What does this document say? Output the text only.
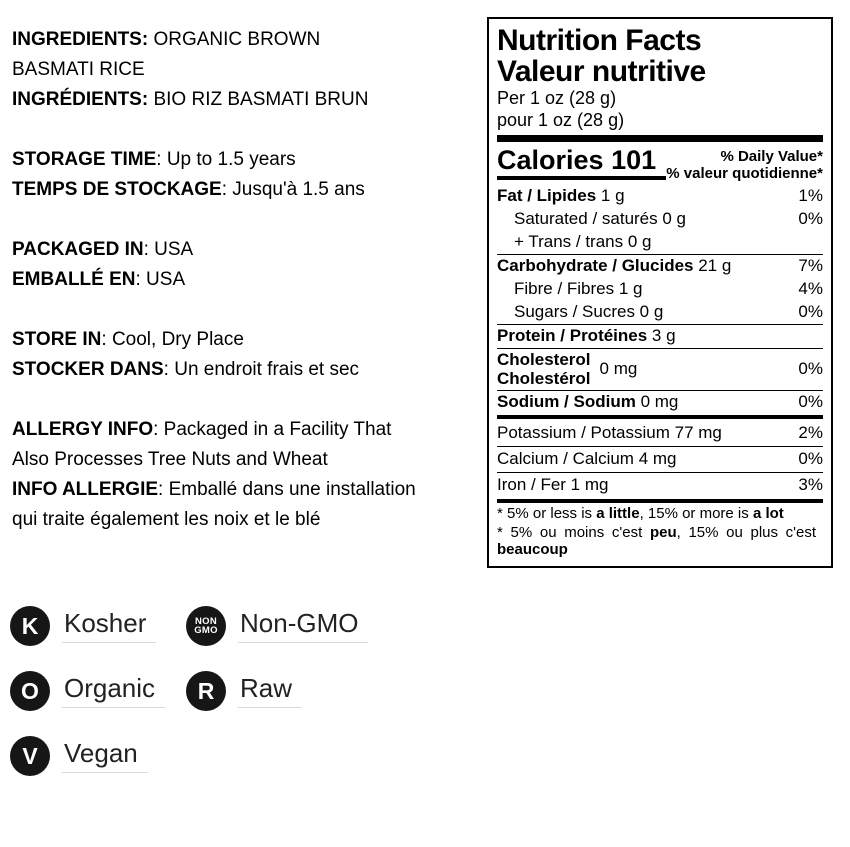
INGREDIENTS: ORGANIC BROWN
BASMATI RICE
INGRÉDIENTS: BIO RIZ BASMATI BRUN
STORAGE TIME: Up to 1.5 years
TEMPS DE STOCKAGE: Jusqu'à 1.5 ans
PACKAGED IN: USA
EMBALLÉ EN: USA
STORE IN: Cool, Dry Place
STOCKER DANS: Un endroit frais et sec
ALLERGY INFO: Packaged in a Facility That
Also Processes Tree Nuts and Wheat
INFO ALLERGIE: Emballé dans une installation
qui traite également les noix et le blé
Nutrition Facts
Valeur nutritive
Per 1 oz (28 g)
pour 1 oz (28 g)
Calories 101	% Daily Value*
% valeur quotidienne*
Fat / Lipides 1 g	1%
Saturated / saturés 0 g	0%
+ Trans / trans 0 g
Carbohydrate / Glucides 21 g	7%
Fibre / Fibres 1 g	4%
Sugars / Sucres 0 g	0%
Protein / Protéines 3 g
Cholesterol
Cholestérol
0 mg	0%
Sodium / Sodium 0 mg	0%
Potassium / Potassium 77 mg	2%
Calcium / Calcium 4 mg	0%
Iron / Fer 1 mg	3%
* 5% or less is a little, 15% or more is a lot
* 5% ou moins c'est peu, 15% ou plus c'est
beaucoup
K Kosher	NON
GMO Non-GMO
O Organic	R Raw
V Vegan
